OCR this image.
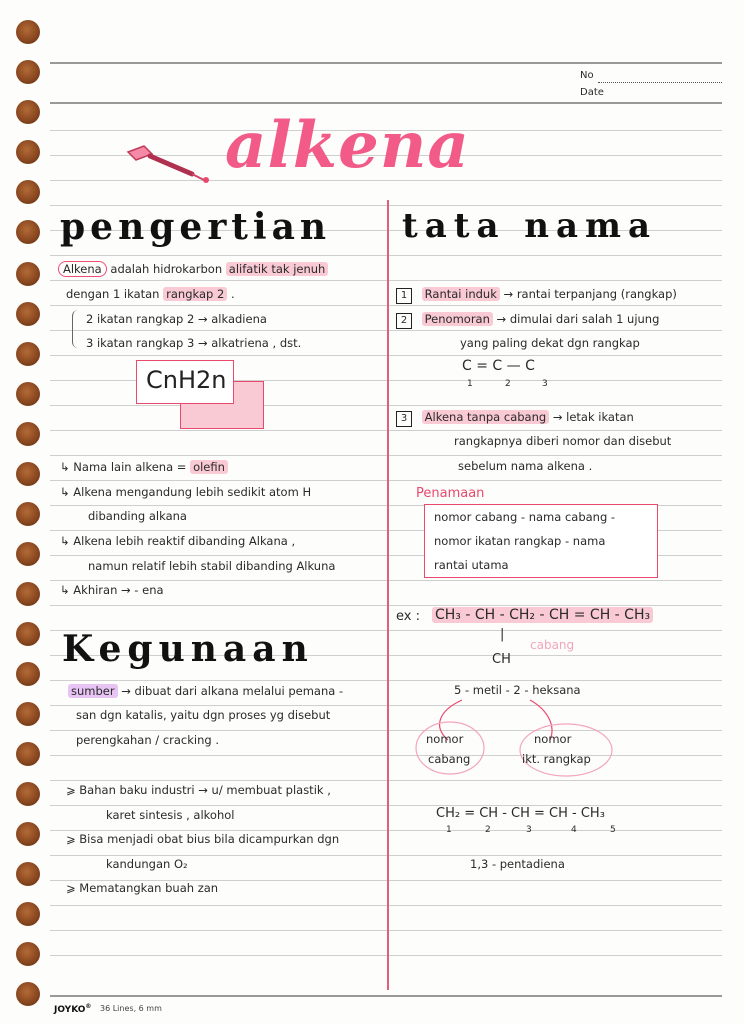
No
Date
alkena
pengertian
Alkena adalah hidrokarbon alifatik tak jenuh
dengan 1 ikatan rangkap 2 .
2 ikatan rangkap 2 → alkadiena
3 ikatan rangkap 3 → alkatriena , dst.
CnH2n
↳ Nama lain alkena = olefin
↳ Alkena mengandung lebih sedikit atom H
dibanding alkana
↳ Alkena lebih reaktif dibanding Alkana ,
namun relatif lebih stabil dibanding Alkuna
↳ Akhiran → - ena
Kegunaan
sumber → dibuat dari alkana melalui pemana -
san dgn katalis, yaitu dgn proses yg disebut
perengkahan / cracking .
⩾ Bahan baku industri → u/ membuat plastik ,
karet sintesis , alkohol
⩾ Bisa menjadi obat bius bila dicampurkan dgn
kandungan O₂
⩾ Mematangkan buah zan
tata nama
1 Rantai induk → rantai terpanjang (rangkap)
2 Penomoran → dimulai dari salah 1 ujung
yang paling dekat dgn rangkap
C = C — C
1	2	3
3 Alkena tanpa cabang → letak ikatan
rangkapnya diberi nomor dan disebut
sebelum nama alkena .
Penamaan
nomor cabang - nama cabang -
nomor ikatan rangkap - nama
rantai utama
ex : CH₃ - CH - CH₂ - CH = CH - CH₃
|
CH
cabang
5 - metil - 2 - heksana
nomor
cabang
nomor
ikt. rangkap
CH₂ = CH - CH = CH - CH₃
1	2	3	4	5
1,3 - pentadiena
JOYKO® 36 Lines, 6 mm
